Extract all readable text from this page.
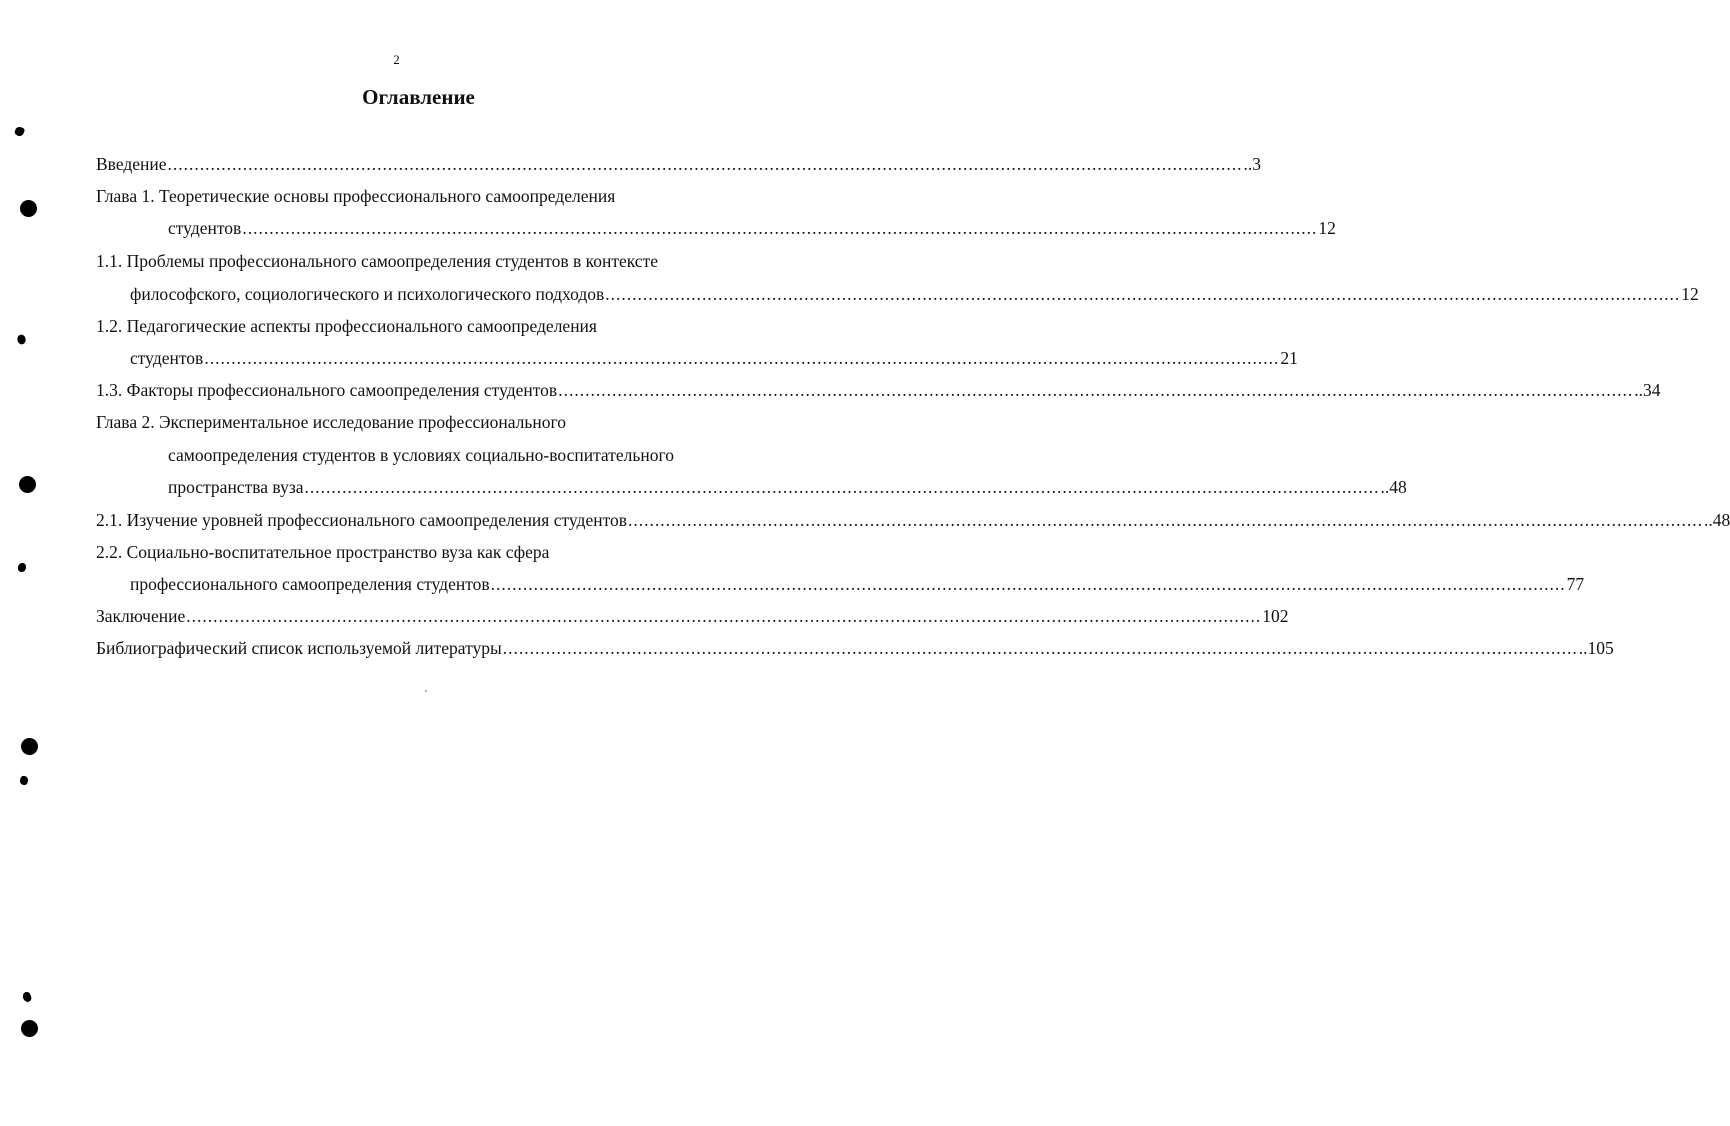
2
Оглавление
Введение ........................................................................................................................................................................................................ ..3
Глава 1. Теоретические основы профессионального самоопределения
студентов ........................................................................................................................................................................................................ 12
1.1. Проблемы профессионального самоопределения студентов в контексте
философского, социологического и психологического подходов ........................................................................................................................................................................................................ 12
1.2. Педагогические аспекты профессионального самоопределения
студентов ........................................................................................................................................................................................................ 21
1.3. Факторы профессионального самоопределения студентов ........................................................................................................................................................................................................ ..34
Глава 2. Экспериментальное исследование профессионального
самоопределения студентов в условиях социально-воспитательного
пространства вуза ........................................................................................................................................................................................................ ..48
2.1. Изучение уровней профессионального самоопределения студентов ........................................................................................................................................................................................................ ..48
2.2. Социально-воспитательное пространство вуза как сфера
профессионального самоопределения студентов ........................................................................................................................................................................................................ 77
Заключение ........................................................................................................................................................................................................ 102
Библиографический список используемой литературы ........................................................................................................................................................................................................ ..105
